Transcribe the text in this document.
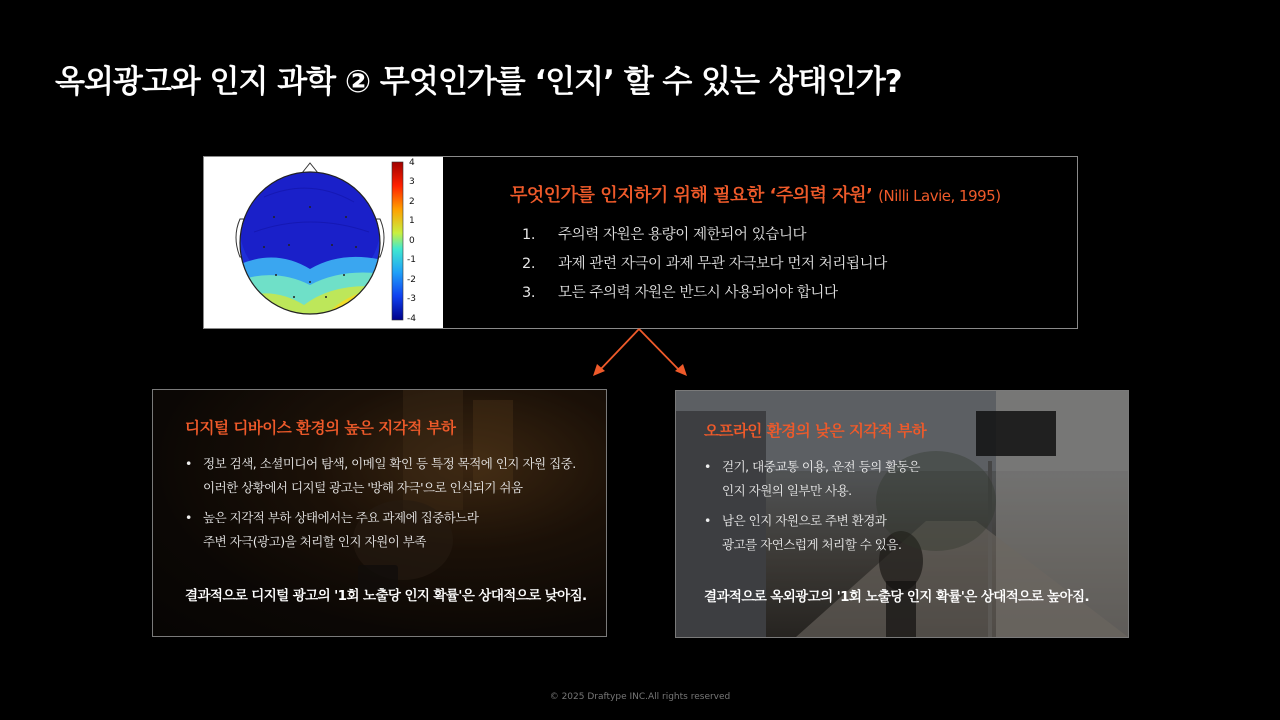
옥외광고와 인지 과학 ② 무엇인가를 ‘인지’ 할 수 있는 상태인가?
4
3
2
1
0
-1
-2
-3
-4
무엇인가를 인지하기 위해 필요한 ‘주의력 자원’ (Nilli Lavie, 1995)
1. 주의력 자원은 용량이 제한되어 있습니다
2. 과제 관련 자극이 과제 무관 자극보다 먼저 처리됩니다
3. 모든 주의력 자원은 반드시 사용되어야 합니다
디지털 디바이스 환경의 높은 지각적 부하
• 정보 검색, 소셜미디어 탐색, 이메일 확인 등 특정 목적에 인지 자원 집중.
이러한 상황에서 디지털 광고는 '방해 자극'으로 인식되기 쉬움
• 높은 지각적 부하 상태에서는 주요 과제에 집중하느라
주변 자극(광고)을 처리할 인지 자원이 부족
결과적으로 디지털 광고의 '1회 노출당 인지 확률'은 상대적으로 낮아짐.
오프라인 환경의 낮은 지각적 부하
• 걷기, 대중교통 이용, 운전 등의 활동은
인지 자원의 일부만 사용.
• 남은 인지 자원으로 주변 환경과
광고를 자연스럽게 처리할 수 있음.
결과적으로 옥외광고의 '1회 노출당 인지 확률'은 상대적으로 높아짐.
© 2025 Draftype INC.All rights reserved
